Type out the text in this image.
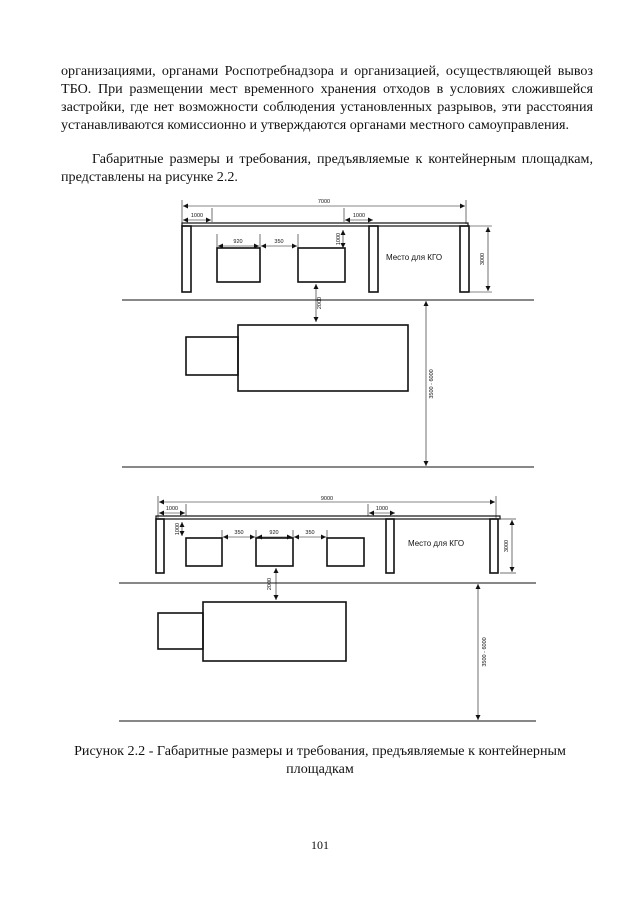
организациями, органами Роспотребнадзора и организацией, осуществляющей вывоз ТБО. При размещении мест временного хранения отходов в условиях сложившейся застройки, где нет возможности соблюдения установленных разрывов, эти расстояния устанавливаются комиссионно и утверждаются органами местного самоуправления.

Габаритные размеры и требования, предъявляемые к контейнерным площадкам, представлены на рисунке 2.2.

7000
1000	1000
920	350	1000
Место для КГО	3000
2000
3500 - 6000
9000
1000	1000
1000	350	920	350
Место для КГО	3000
2000
3500 - 6000

Рисунок 2.2 - Габаритные размеры и требования, предъявляемые к контейнерным площадкам

101
